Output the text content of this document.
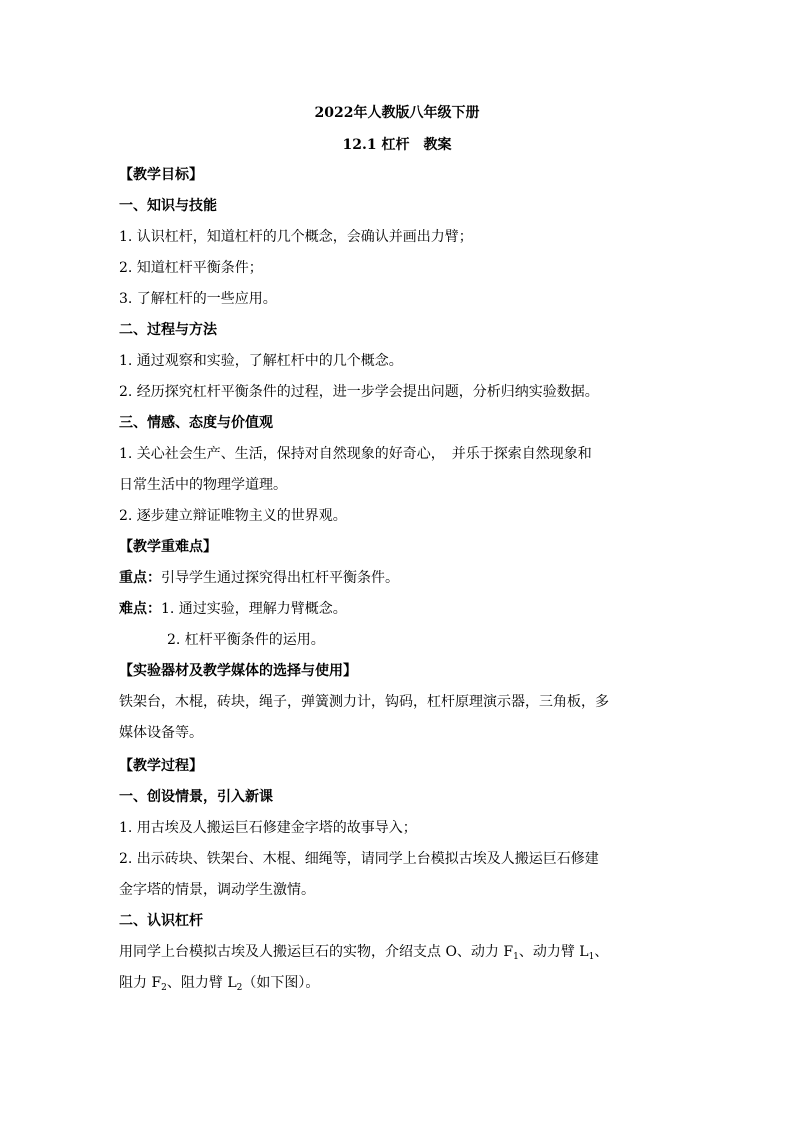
2022年人教版八年级下册
12.1 杠杆　教案
【教学目标】
一、知识与技能
1. 认识杠杆，知道杠杆的几个概念，会确认并画出力臂；
2. 知道杠杆平衡条件；
3. 了解杠杆的一些应用。
二、过程与方法
1. 通过观察和实验，了解杠杆中的几个概念。
2. 经历探究杠杆平衡条件的过程，进一步学会提出问题，分析归纳实验数据。
三、情感、态度与价值观
1. 关心社会生产、生活，保持对自然现象的好奇心，　并乐于探索自然现象和
日常生活中的物理学道理。
2. 逐步建立辩证唯物主义的世界观。
【教学重难点】
重点：引导学生通过探究得出杠杆平衡条件。
难点：1. 通过实验，理解力臂概念。
2. 杠杆平衡条件的运用。
【实验器材及教学媒体的选择与使用】
铁架台，木棍，砖块，绳子，弹簧测力计，钩码，杠杆原理演示器，三角板，多
媒体设备等。
【教学过程】
一、创设情景，引入新课
1. 用古埃及人搬运巨石修建金字塔的故事导入；
2. 出示砖块、铁架台、木棍、细绳等，请同学上台模拟古埃及人搬运巨石修建
金字塔的情景，调动学生激情。
二、认识杠杆
用同学上台模拟古埃及人搬运巨石的实物，介绍支点 O、动力 $F_1$、动力臂 $L_1$、
阻力 $F_2$、阻力臂 $L_2$（如下图）。
